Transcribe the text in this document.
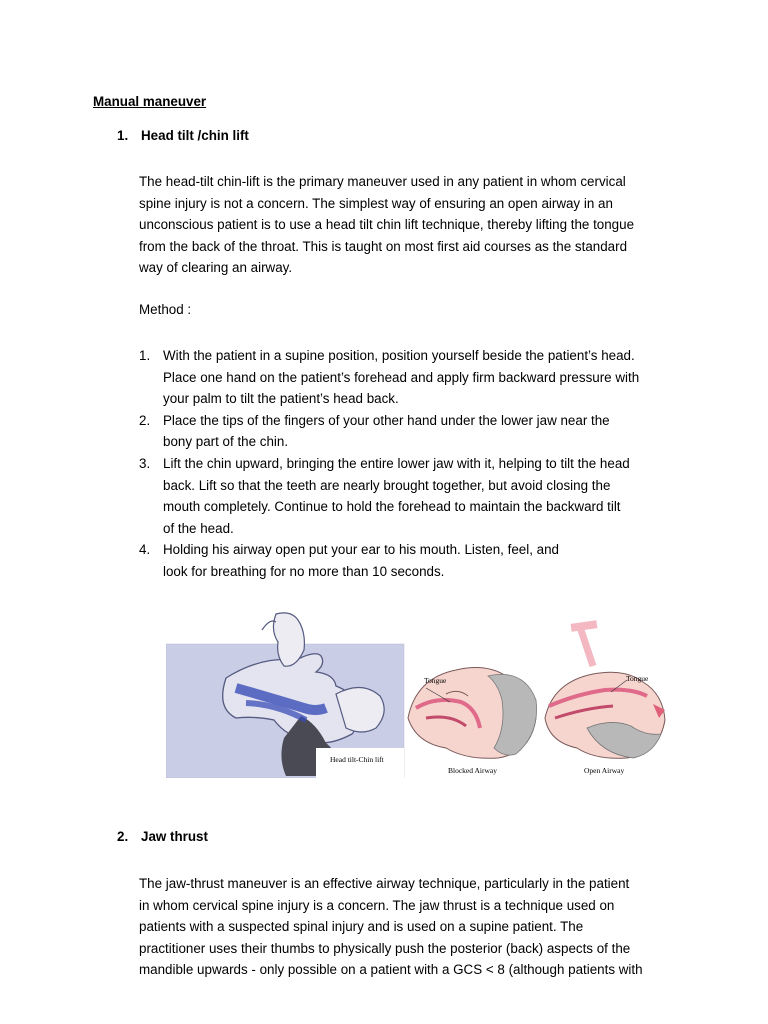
Manual maneuver
1. Head tilt /chin lift
The head-tilt chin-lift is the primary maneuver used in any patient in whom cervical
spine injury is not a concern. The simplest way of ensuring an open airway in an
unconscious patient is to use a head tilt chin lift technique, thereby lifting the tongue
from the back of the throat. This is taught on most first aid courses as the standard
way of clearing an airway.
Method :
1. With the patient in a supine position, position yourself beside the patient’s head.
Place one hand on the patient’s forehead and apply firm backward pressure with
your palm to tilt the patient’s head back.
2. Place the tips of the fingers of your other hand under the lower jaw near the
bony part of the chin.
3. Lift the chin upward, bringing the entire lower jaw with it, helping to tilt the head
back. Lift so that the teeth are nearly brought together, but avoid closing the
mouth completely. Continue to hold the forehead to maintain the backward tilt
of the head.
4. Holding his airway open put your ear to his mouth. Listen, feel, and
look for breathing for no more than 10 seconds.
Head tilt-Chin lift
Tongue
Blocked Airway
Tongue
Open Airway
2. Jaw thrust
The jaw-thrust maneuver is an effective airway technique, particularly in the patient
in whom cervical spine injury is a concern. The jaw thrust is a technique used on
patients with a suspected spinal injury and is used on a supine patient. The
practitioner uses their thumbs to physically push the posterior (back) aspects of the
mandible upwards - only possible on a patient with a GCS < 8 (although patients with
